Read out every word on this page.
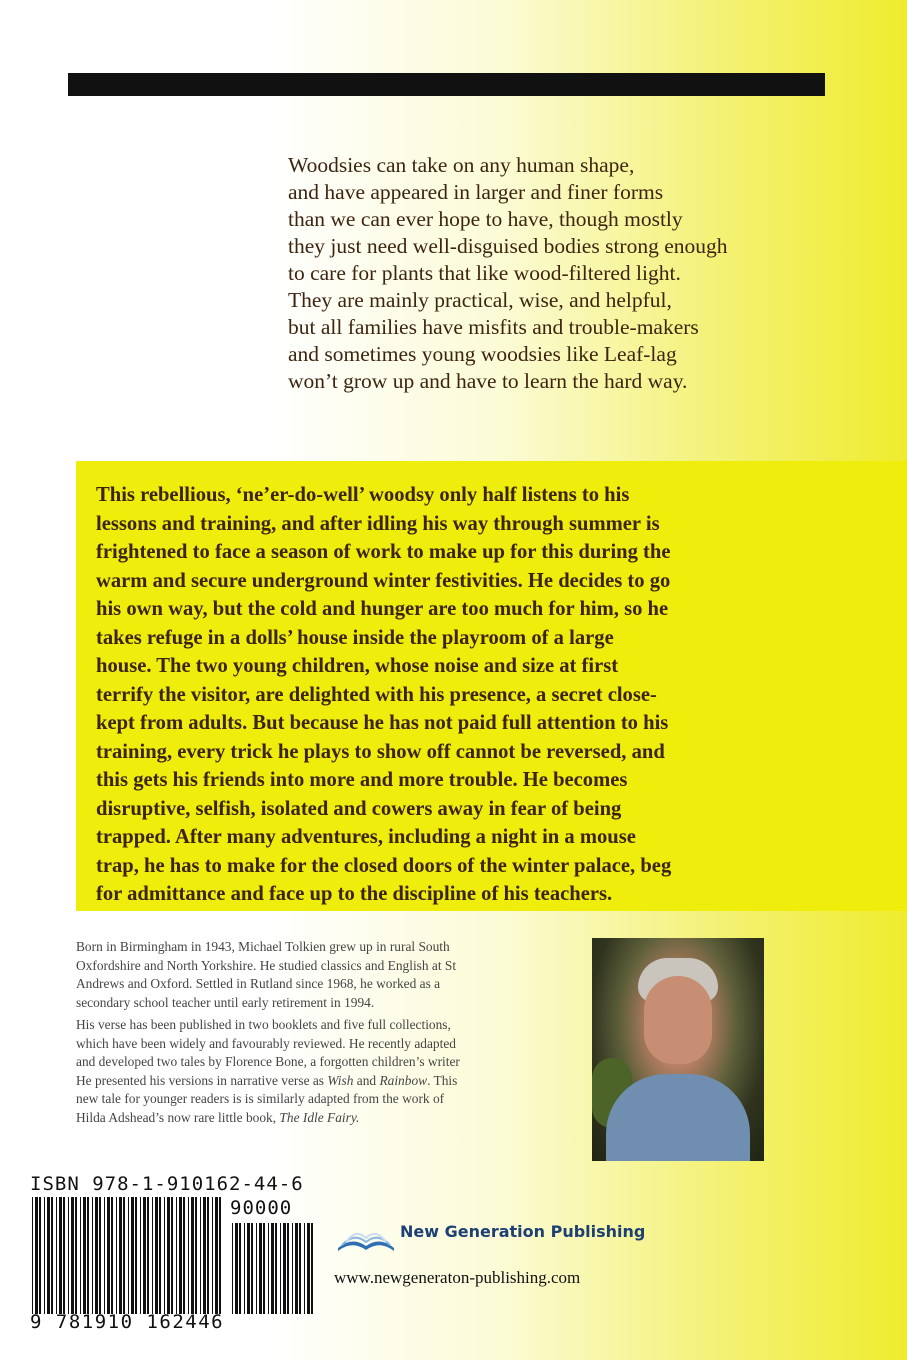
Woodsies can take on any human shape,

and have appeared in larger and finer forms

than we can ever hope to have, though mostly

they just need well-disguised bodies strong enough

to care for plants that like wood-filtered light.

They are mainly practical, wise, and helpful,

but all families have misfits and trouble-makers

and sometimes young woodsies like Leaf-lag

won’t grow up and have to learn the hard way.

This rebellious, ‘ne’er-do-well’ woodsy only half listens to his

lessons and training, and after idling his way through summer is

frightened to face a season of work to make up for this during the

warm and secure underground winter festivities. He decides to go

his own way, but the cold and hunger are too much for him, so he

takes refuge in a dolls’ house inside the playroom of a large

house. The two young children, whose noise and size at first

terrify the visitor, are delighted with his presence, a secret close-

kept from adults. But because he has not paid full attention to his

training, every trick he plays to show off cannot be reversed, and

this gets his friends into more and more trouble. He becomes

disruptive, selfish, isolated and cowers away in fear of being

trapped. After many adventures, including a night in a mouse

trap, he has to make for the closed doors of the winter palace, beg

for admittance and face up to the discipline of his teachers.

Born in Birmingham in 1943, Michael Tolkien grew up in rural South
Oxfordshire and North Yorkshire. He studied classics and English at St
Andrews and Oxford. Settled in Rutland since 1968, he worked as a
secondary school teacher until early retirement in 1994.

His verse has been published in two booklets and five full collections,
which have been widely and favourably reviewed. He recently adapted
and developed two tales by Florence Bone, a forgotten children’s writer
He presented his versions in narrative verse as Wish and Rainbow. This
new tale for younger readers is is similarly adapted from the work of
Hilda Adshead’s now rare little book, The Idle Fairy.

ISBN 978-1-910162-44-6
90000
9 781910 162446
New Generation Publishing
www.newgeneraton-publishing.com
